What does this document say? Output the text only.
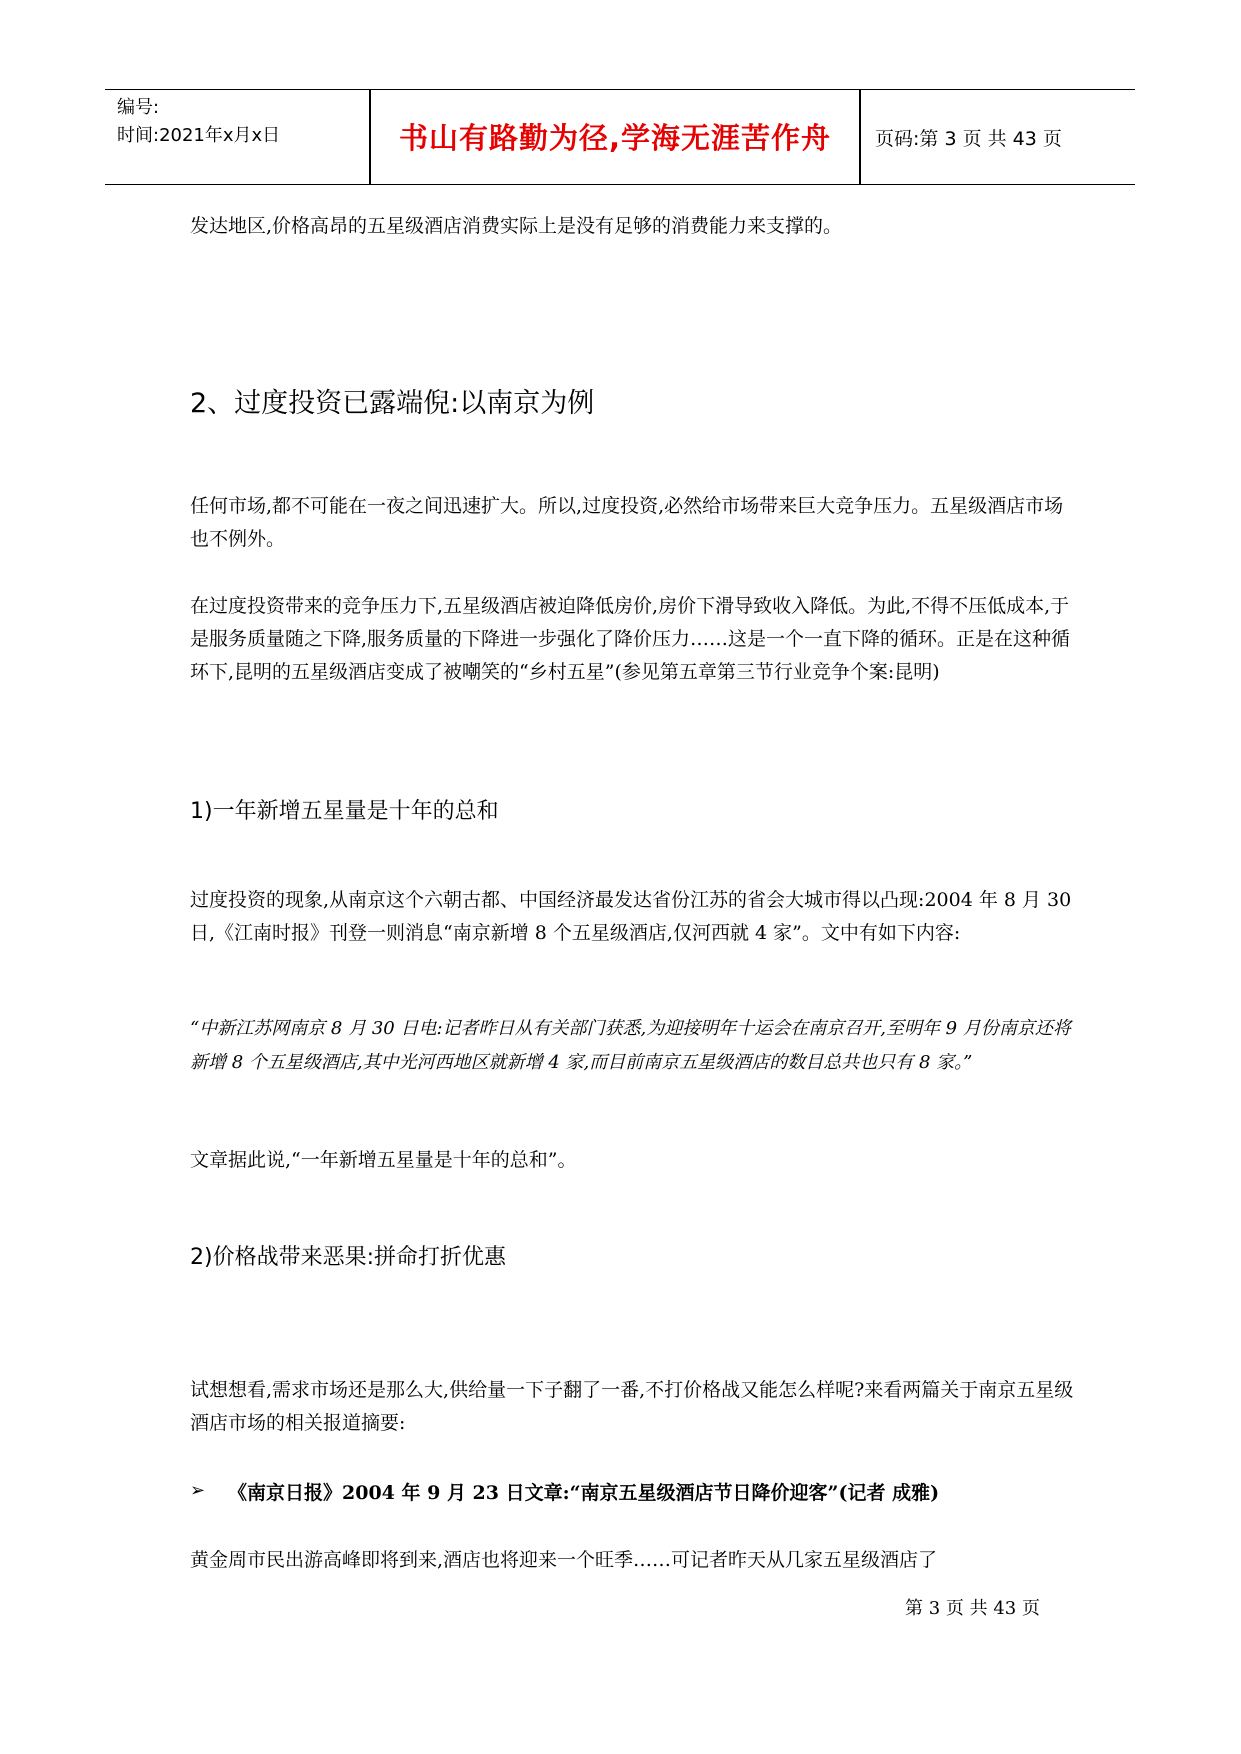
编号:
时间:2021年x月x日	书山有路勤为径,学海无涯苦作舟	页码:第 3 页 共 43 页
发达地区,价格高昂的五星级酒店消费实际上是没有足够的消费能力来支撑的。
2、过度投资已露端倪:以南京为例
任何市场,都不可能在一夜之间迅速扩大。所以,过度投资,必然给市场带来巨大竞争压力。五星级酒店市场也不例外。
在过度投资带来的竞争压力下,五星级酒店被迫降低房价,房价下滑导致收入降低。为此,不得不压低成本,于是服务质量随之下降,服务质量的下降进一步强化了降价压力……这是一个一直下降的循环。正是在这种循环下,昆明的五星级酒店变成了被嘲笑的“乡村五星”(参见第五章第三节行业竞争个案:昆明)
1)一年新增五星量是十年的总和
过度投资的现象,从南京这个六朝古都、中国经济最发达省份江苏的省会大城市得以凸现:2004 年 8 月 30 日,《江南时报》刊登一则消息“南京新增 8 个五星级酒店,仅河西就 4 家”。文中有如下内容:
“中新江苏网南京 8 月 30 日电:记者昨日从有关部门获悉,为迎接明年十运会在南京召开,至明年 9 月份南京还将新增 8 个五星级酒店,其中光河西地区就新增 4 家,而目前南京五星级酒店的数目总共也只有 8 家。”
文章据此说,“一年新增五星量是十年的总和”。
2)价格战带来恶果:拼命打折优惠
试想想看,需求市场还是那么大,供给量一下子翻了一番,不打价格战又能怎么样呢?来看两篇关于南京五星级酒店市场的相关报道摘要:
➢ 《南京日报》2004 年 9 月 23 日文章:“南京五星级酒店节日降价迎客”(记者 成雅)
黄金周市民出游高峰即将到来,酒店也将迎来一个旺季……可记者昨天从几家五星级酒店了
第 3 页 共 43 页
